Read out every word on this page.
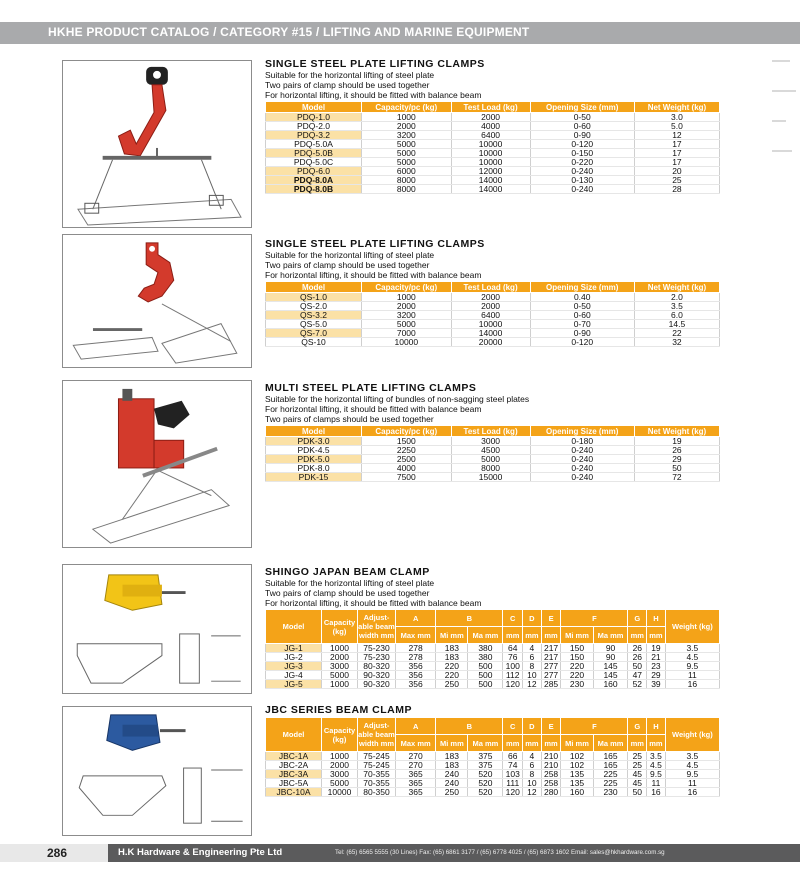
HKHE PRODUCT CATALOG / CATEGORY #15 / LIFTING AND MARINE EQUIPMENT
SINGLE STEEL PLATE LIFTING CLAMPS
Suitable for the horizontal lifting of steel plate
Two pairs of clamp should be used together
For horizontal lifting, it should be fitted with balance beam
Model	Capacity/pc (kg)	Test Load (kg)	Opening Size (mm)	Net Weight (kg)
PDQ-1.0	1000	2000	0-50	3.0
PDQ-2.0	2000	4000	0-60	5.0
PDQ-3.2	3200	6400	0-90	12
PDQ-5.0A	5000	10000	0-120	17
PDQ-5.0B	5000	10000	0-150	17
PDQ-5.0C	5000	10000	0-220	17
PDQ-6.0	6000	12000	0-240	20
PDQ-8.0A	8000	14000	0-130	25
PDQ-8.0B	8000	14000	0-240	28
SINGLE STEEL PLATE LIFTING CLAMPS
Suitable for the horizontal lifting of steel plate
Two pairs of clamp should be used together
For horizontal lifting, it should be fitted with balance beam
Model	Capacity/pc (kg)	Test Load (kg)	Opening Size (mm)	Net Weight (kg)
QS-1.0	1000	2000	0.40	2.0
QS-2.0	2000	2000	0-50	3.5
QS-3.2	3200	6400	0-60	6.0
QS-5.0	5000	10000	0-70	14.5
QS-7.0	7000	14000	0-90	22
QS-10	10000	20000	0-120	32
MULTI STEEL PLATE LIFTING CLAMPS
Suitable for the horizontal lifting of bundles of non-sagging steel plates
For horizontal lifting, it should be fitted with balance beam
Two pairs of clamps should be used together
Model	Capacity/pc (kg)	Test Load (kg)	Opening Size (mm)	Net Weight (kg)
PDK-3.0	1500	3000	0-180	19
PDK-4.5	2250	4500	0-240	26
PDK-5.0	2500	5000	0-240	29
PDK-8.0	4000	8000	0-240	50
PDK-15	7500	15000	0-240	72
SHINGO JAPAN BEAM CLAMP
Suitable for the horizontal lifting of steel plate
Two pairs of clamp should be used together
For horizontal lifting, it should be fitted with balance beam
Model	Capacity (kg)	Adjust-able beam width mm	A	B		C	D	E	F		G	H	Weight (kg)
			Max mm	Mi mm	Ma mm	mm	mm	mm	Mi mm	Ma mm	mm	mm	
JG-1	1000	75-230	278	183	380	64	4	217	150	90	26	19	3.5
JG-2	2000	75-230	278	183	380	76	6	217	150	90	26	21	4.5
JG-3	3000	80-320	356	220	500	100	8	277	220	145	50	23	9.5
JG-4	5000	90-320	356	220	500	112	10	277	220	145	47	29	11
JG-5	1000	90-320	356	250	500	120	12	285	230	160	52	39	16
JBC SERIES BEAM CLAMP
Model	Capacity (kg)	Adjust-able beam width mm	A	B		C	D	E	F		G	H	Weight (kg)
			Max mm	Mi mm	Ma mm	mm	mm	mm	Mi mm	Ma mm	mm	mm	
JBC-1A	1000	75-245	270	183	375	66	4	210	102	165	25	3.5	3.5
JBC-2A	2000	75-245	270	183	375	74	6	210	102	165	25	4.5	4.5
JBC-3A	3000	70-355	365	240	520	103	8	258	135	225	45	9.5	9.5
JBC-5A	5000	70-355	365	240	520	111	10	258	135	225	45	11	11
JBC-10A	10000	80-350	365	250	520	120	12	280	160	230	50	16	16
286	H.K Hardware & Engineering Pte Ltd	Tel: (65) 6565 5555 (30 Lines) Fax: (65) 6861 3177 / (65) 6778 4025 / (65) 6873 1602 Email: sales@hkhardware.com.sg
